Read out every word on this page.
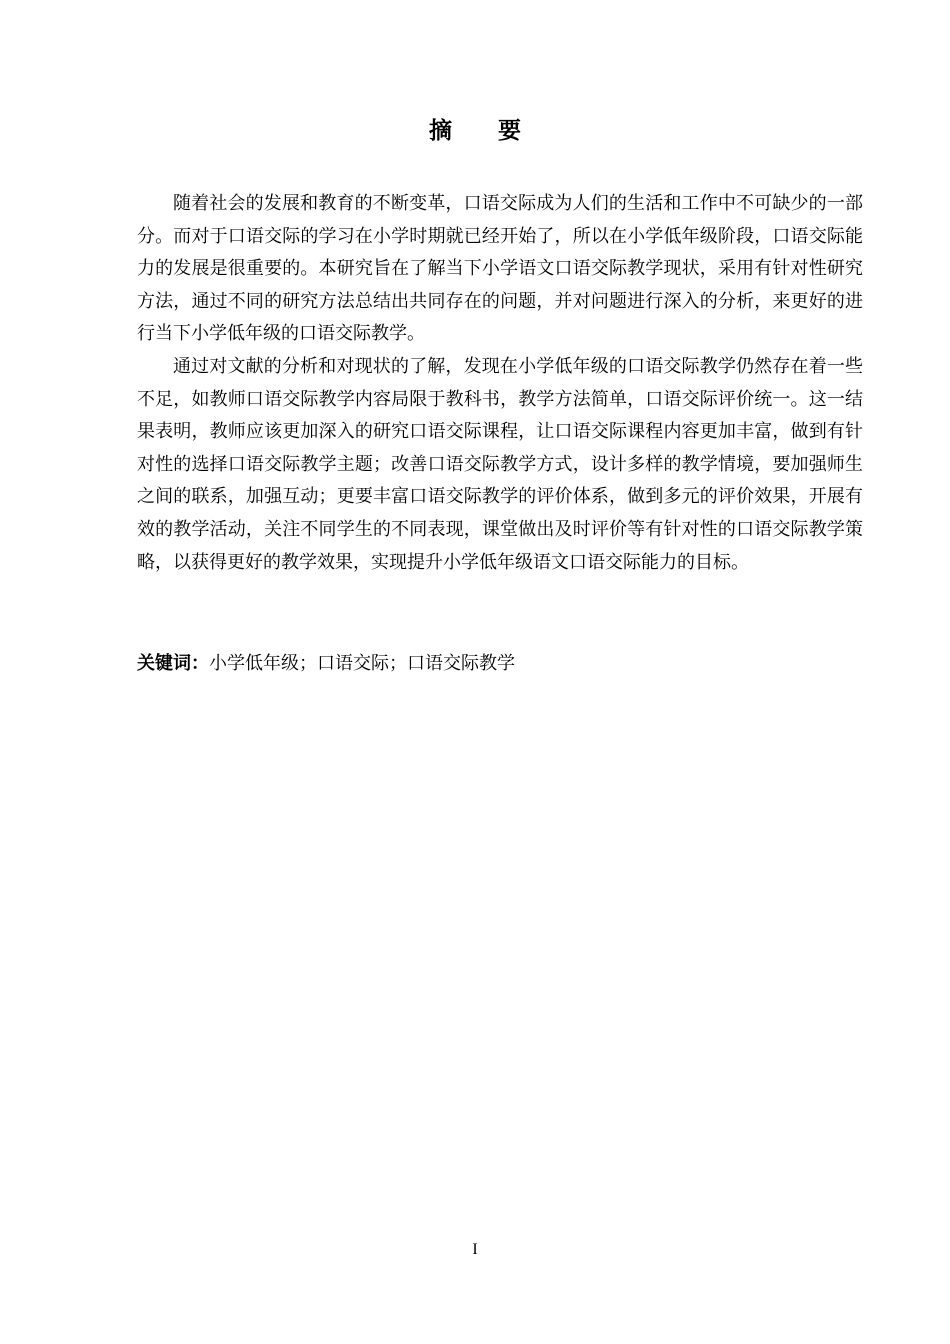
摘　要

随着社会的发展和教育的不断变革，口语交际成为人们的生活和工作中不可缺少的一部分。而对于口语交际的学习在小学时期就已经开始了，所以在小学低年级阶段，口语交际能力的发展是很重要的。本研究旨在了解当下小学语文口语交际教学现状，采用有针对性研究方法，通过不同的研究方法总结出共同存在的问题，并对问题进行深入的分析，来更好的进行当下小学低年级的口语交际教学。

通过对文献的分析和对现状的了解，发现在小学低年级的口语交际教学仍然存在着一些不足，如教师口语交际教学内容局限于教科书，教学方法简单，口语交际评价统一。这一结果表明，教师应该更加深入的研究口语交际课程，让口语交际课程内容更加丰富，做到有针对性的选择口语交际教学主题；改善口语交际教学方式，设计多样的教学情境，要加强师生之间的联系，加强互动；更要丰富口语交际教学的评价体系，做到多元的评价效果，开展有效的教学活动，关注不同学生的不同表现，课堂做出及时评价等有针对性的口语交际教学策略，以获得更好的教学效果，实现提升小学低年级语文口语交际能力的目标。

关键词：小学低年级；口语交际；口语交际教学
I
